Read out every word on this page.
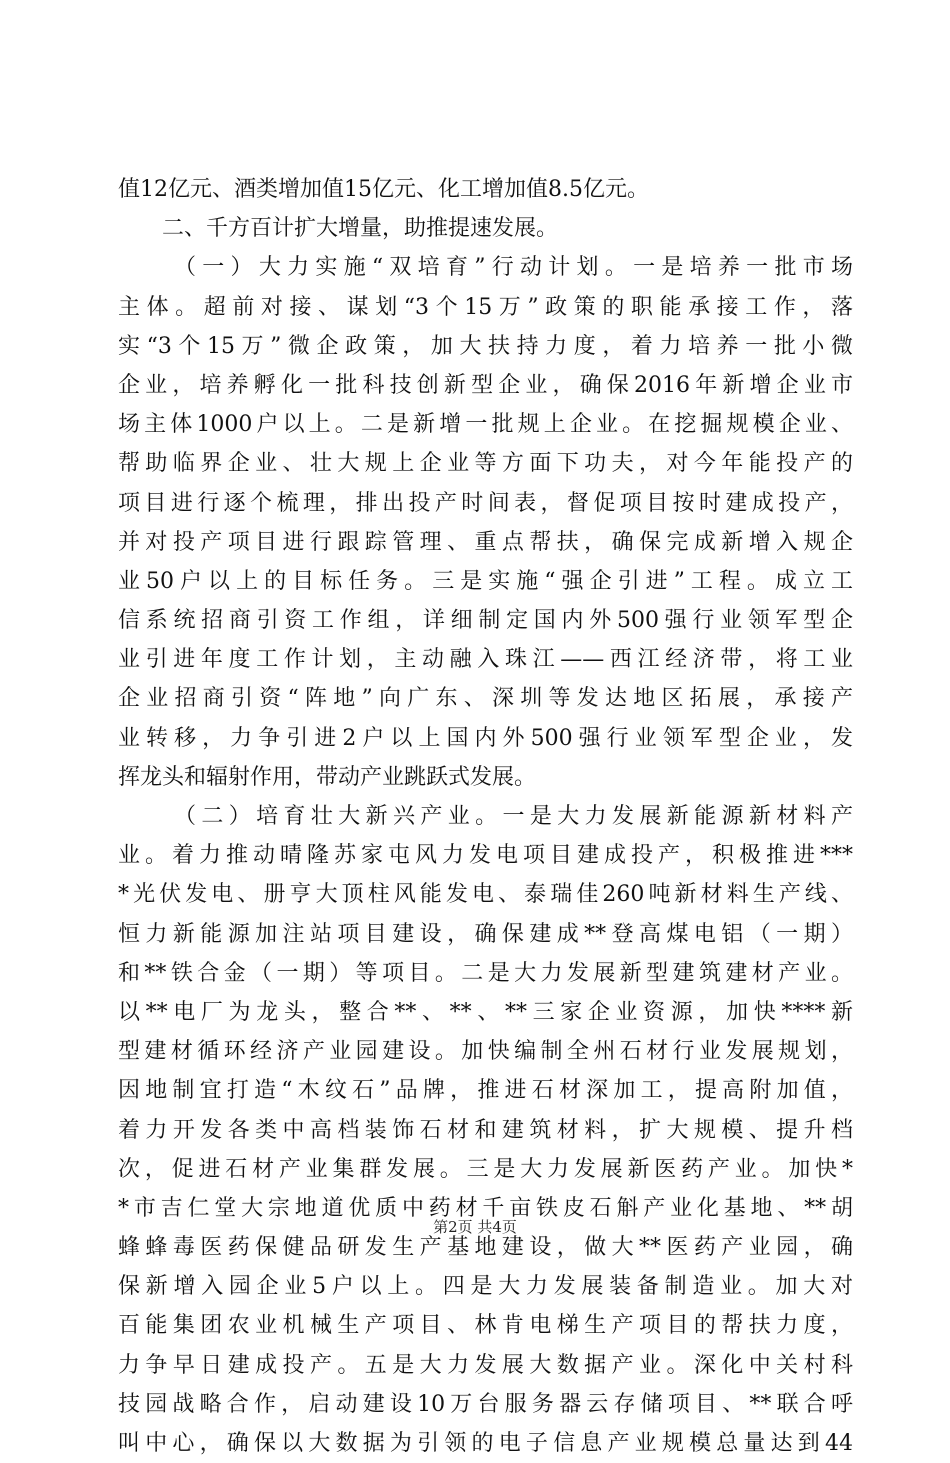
值12亿元、酒类增加值15亿元、化工增加值8.5亿元。
二、千方百计扩大增量，助推提速发展。
（一）大力实施“双培育”行动计划。一是培养一批市场
主体。超前对接、谋划“3个15万”政策的职能承接工作，落
实“3个15万”微企政策，加大扶持力度，着力培养一批小微
企业，培养孵化一批科技创新型企业，确保2016年新增企业市
场主体1000户以上。二是新增一批规上企业。在挖掘规模企业、
帮助临界企业、壮大规上企业等方面下功夫，对今年能投产的
项目进行逐个梳理，排出投产时间表，督促项目按时建成投产，
并对投产项目进行跟踪管理、重点帮扶，确保完成新增入规企
业50户以上的目标任务。三是实施“强企引进”工程。成立工
信系统招商引资工作组，详细制定国内外500强行业领军型企
业引进年度工作计划，主动融入珠江——西江经济带，将工业
企业招商引资“阵地”向广东、深圳等发达地区拓展，承接产
业转移，力争引进2户以上国内外500强行业领军型企业，发
挥龙头和辐射作用，带动产业跳跃式发展。
（二）培育壮大新兴产业。一是大力发展新能源新材料产
业。着力推动晴隆苏家屯风力发电项目建成投产，积极推进***
*光伏发电、册亨大顶柱风能发电、泰瑞佳260吨新材料生产线、
恒力新能源加注站项目建设，确保建成**登高煤电铝（一期）
和**铁合金（一期）等项目。二是大力发展新型建筑建材产业。
以**电厂为龙头，整合**、**、**三家企业资源，加快****新
型建材循环经济产业园建设。加快编制全州石材行业发展规划，
因地制宜打造“木纹石”品牌，推进石材深加工，提高附加值，
着力开发各类中高档装饰石材和建筑材料，扩大规模、提升档
次，促进石材产业集群发展。三是大力发展新医药产业。加快*
*市吉仁堂大宗地道优质中药材千亩铁皮石斛产业化基地、**胡
蜂蜂毒医药保健品研发生产基地建设，做大**医药产业园，确
保新增入园企业5户以上。四是大力发展装备制造业。加大对
百能集团农业机械生产项目、林肯电梯生产项目的帮扶力度，
力争早日建成投产。五是大力发展大数据产业。深化中关村科
技园战略合作，启动建设10万台服务器云存储项目、**联合呼
叫中心，确保以大数据为引领的电子信息产业规模总量达到44
第2页 共4页
